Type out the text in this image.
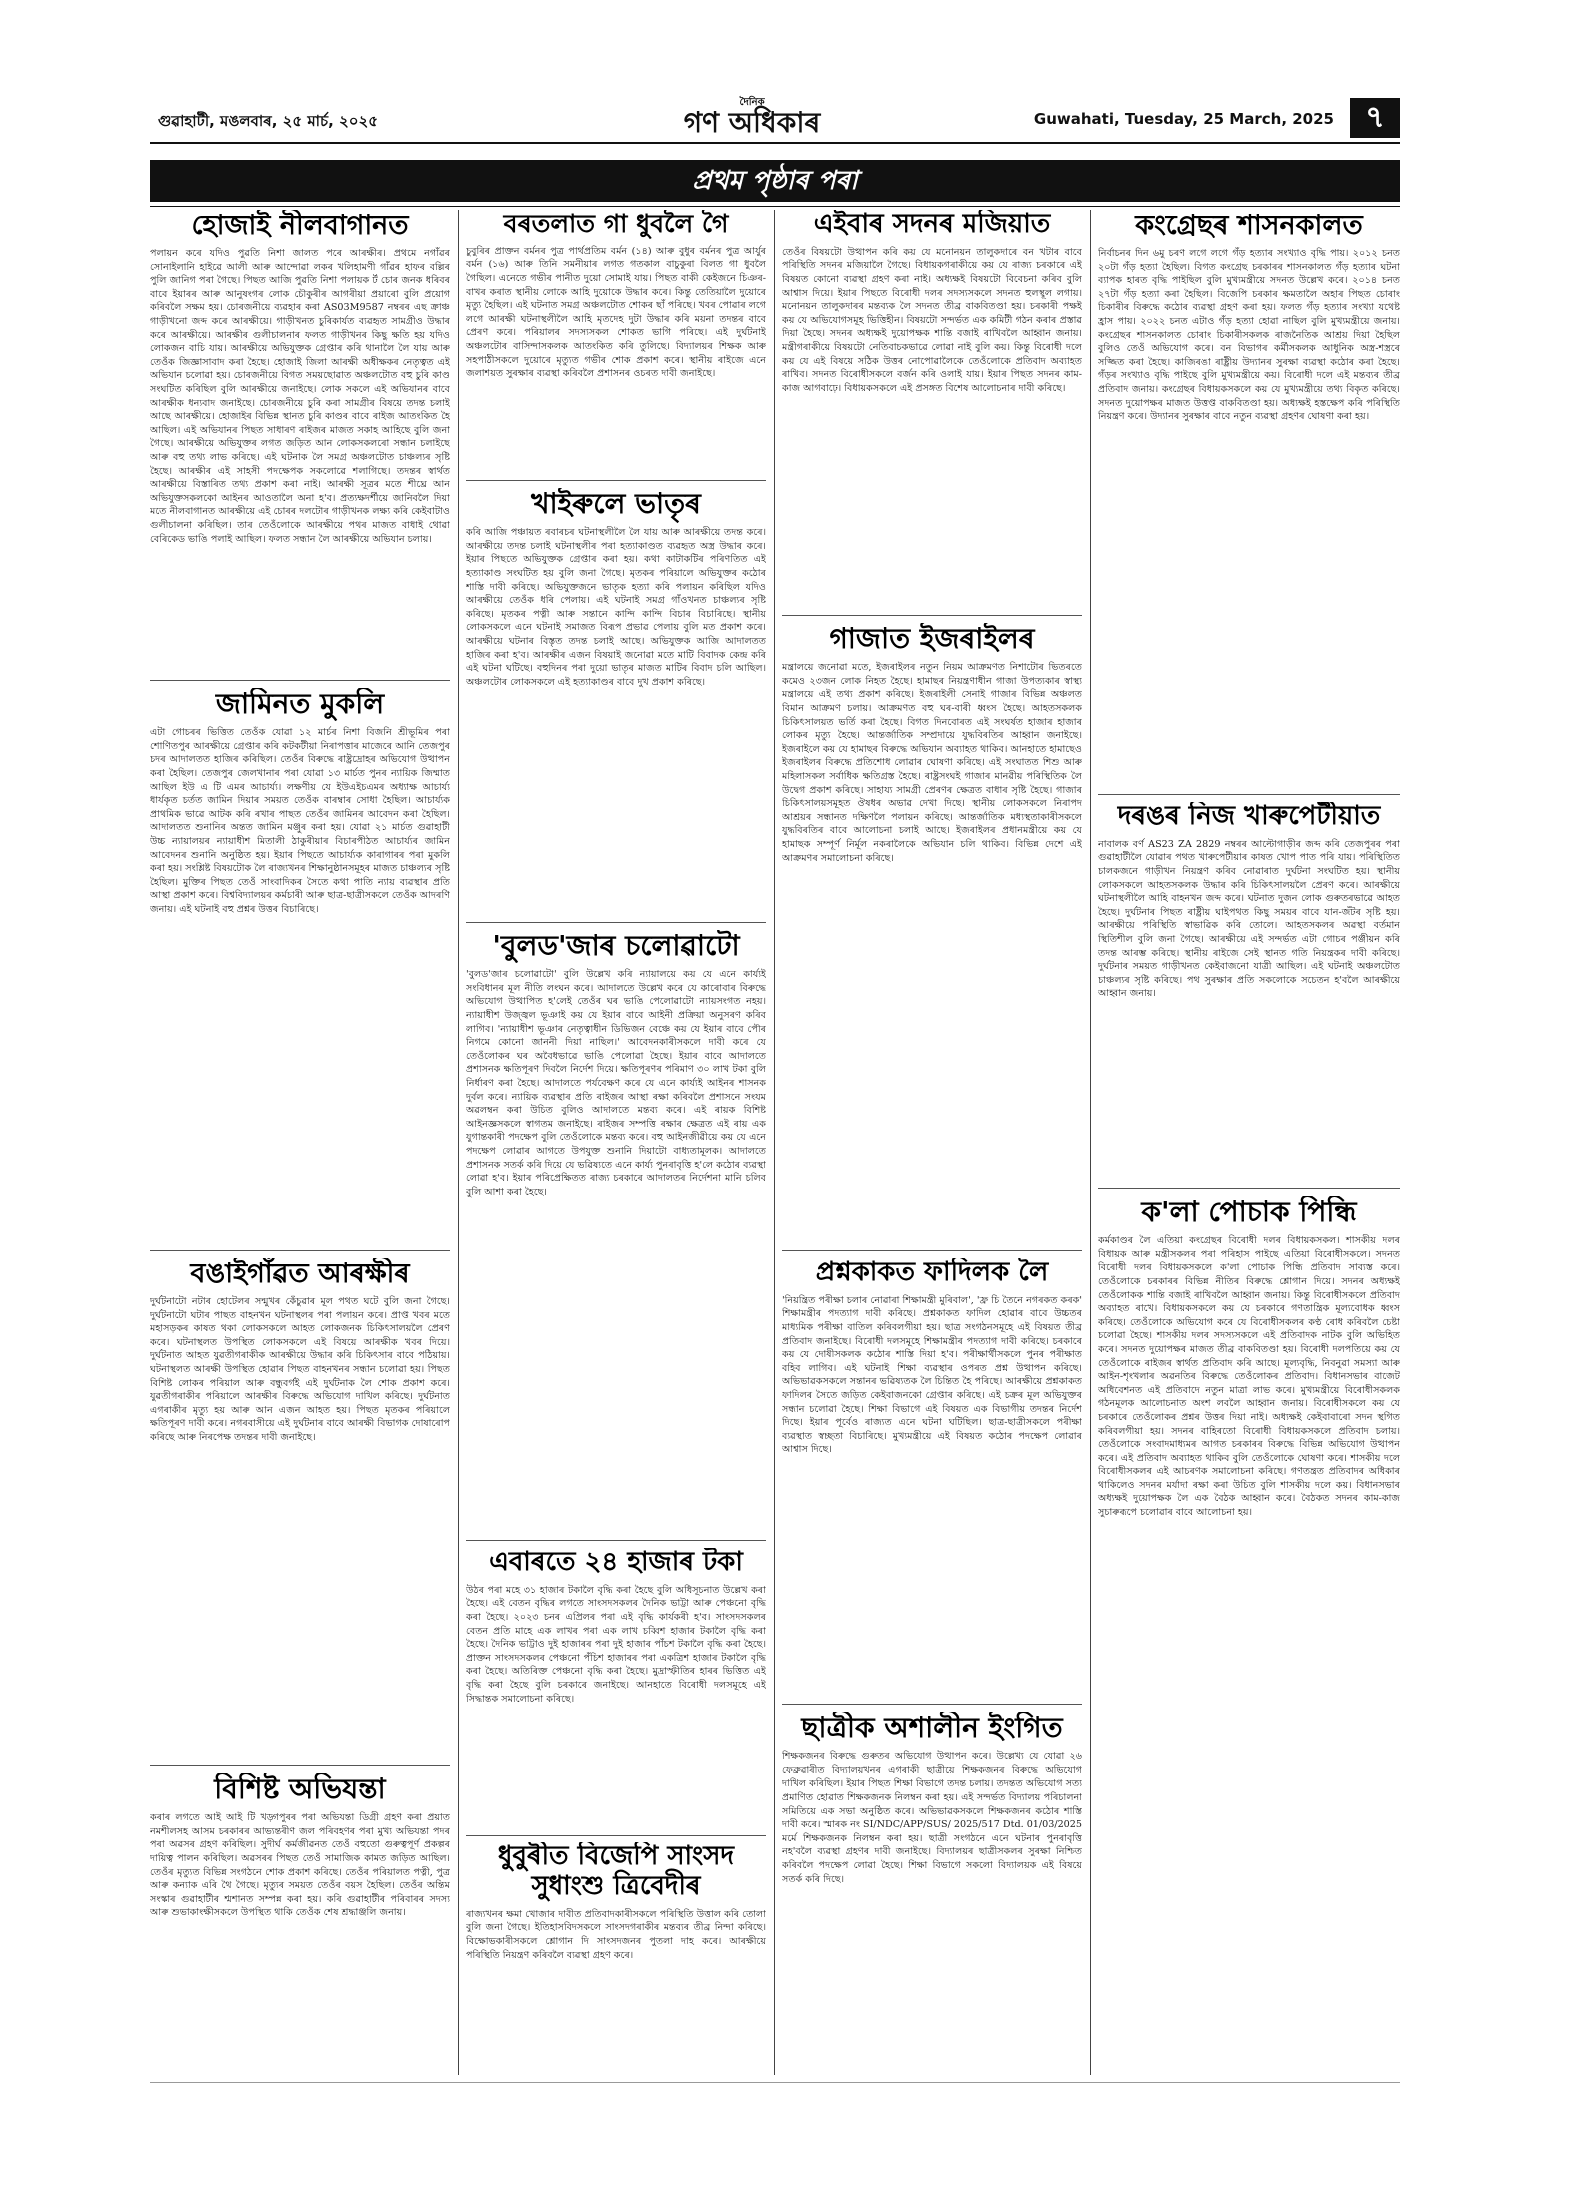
গুৱাহাটী, মঙলবাৰ, ২৫ মাৰ্চ, ২০২৫
দৈনিক
গণ অধিকাৰ	Guwahati, Tuesday, 25 March, 2025	৭
প্ৰথম পৃষ্ঠাৰ পৰা
হোজাই নীলবাগানত
পলায়ন কৰে যদিও পুৱতি নিশা জালত পৰে আৰক্ষীৰ। প্ৰথমে নগাঁৱৰ সোনাইলানি হাইৱে আলী আৰু আন্দোৱা লকৰ খলিহামণী গাঁৱৰ হাফৰ বল্লিৰ পুলি জানিগ পৰা গৈছে। পিছত আজি পুৱতি নিশা পলায়ক ৰ্ট চোৰ জনক ধৰিবৰ বাবে ইয়াৰৰ আৰু আনুষংগৰ লোক চৌকুৰীৰ আগৰীয়া প্ৰয়াৰো বুলি প্ৰয়োগ কৰিবলৈ সক্ষম হয়। চোৰজনীয়ে ব্যৱহাৰ কৰা AS03M9587 নম্বৰৰ এছ ক্ৰাঞ্চ গাড়ীখনো জব্দ কৰে আৰক্ষীয়ে। গাড়ীখনত চুৰিকাৰ্যত ব্যৱহৃত সামগ্ৰীও উদ্ধাৰ কৰে আৰক্ষীয়ে। আৰক্ষীৰ গুলীচালনাৰ ফলত গাড়ীখনৰ কিছু ক্ষতি হয় যদিও লোকজন বাচি যায়। আৰক্ষীয়ে অভিযুক্তক গ্ৰেপ্তাৰ কৰি থানালৈ লৈ যায় আৰু তেওঁক জিজ্ঞাসাবাদ কৰা হৈছে। হোজাই জিলা আৰক্ষী অধীক্ষকৰ নেতৃত্বত এই অভিযান চলোৱা হয়। চোৰজনীয়ে বিগত সময়ছোৱাত অঞ্চলটোত বহু চুৰি কাণ্ড সংঘটিত কৰিছিল বুলি আৰক্ষীয়ে জনাইছে। লোক সকলে এই অভিযানৰ বাবে আৰক্ষীক ধন্যবাদ জনাইছে। চোৰজনীয়ে চুৰি কৰা সামগ্ৰীৰ বিষয়ে তদন্ত চলাই আছে আৰক্ষীয়ে। হোজাইৰ বিভিন্ন স্থানত চুৰি কাণ্ডৰ বাবে ৰাইজ আতংকিত হৈ আছিল। এই অভিযানৰ পিছত সাধাৰণ ৰাইজৰ মাজত সকাহ আহিছে বুলি জনা গৈছে। আৰক্ষীয়ে অভিযুক্তৰ লগত জড়িত আন লোকসকলৰো সন্ধান চলাইছে আৰু বহু তথ্য লাভ কৰিছে। এই ঘটনাক লৈ সমগ্ৰ অঞ্চলটোত চাঞ্চল্যৰ সৃষ্টি হৈছে। আৰক্ষীৰ এই সাহসী পদক্ষেপক সকলোৱে শলাগিছে। তদন্তৰ স্বাৰ্থত আৰক্ষীয়ে বিস্তাৰিত তথ্য প্ৰকাশ কৰা নাই। আৰক্ষী সূত্ৰৰ মতে শীঘ্ৰে আন অভিযুক্তসকলকো আইনৰ আওতালৈ অনা হ'ব। প্ৰত্যক্ষদৰ্শীয়ে জানিবলৈ দিয়া মতে নীলবাগানত আৰক্ষীয়ে এই চোৰৰ দলটোৰ গাড়ীখনক লক্ষ্য কৰি কেইবাটাও গুলীচালনা কৰিছিল। তাৰ তেওঁলোকে আৰক্ষীয়ে পথৰ মাজত বাধাই থোৱা বেৰিকেড ভাঙি পলাই আছিল। ফলত সন্ধান লৈ আৰক্ষীয়ে অভিযান চলায়।
জামিনত মুকলি
এটা গোচৰৰ ভিত্তিত তেওঁক যোৱা ১২ মাৰ্চৰ নিশা বিজনি শ্ৰীভূমিৰ পৰা শোণিতপুৰ আৰক্ষীয়ে গ্ৰেপ্তাৰ কৰি কটকটীয়া নিৰাপত্তাৰ মাজেৰে আনি তেজপুৰ চদৰ আদালতত হাজিৰ কৰিছিল। তেওঁৰ বিৰুদ্ধে ৰাষ্ট্ৰদ্ৰোহৰ অভিযোগ উত্থাপন কৰা হৈছিল। তেজপুৰ জেলখানাৰ পৰা যোৱা ১৩ মাৰ্চত পুনৰ ন্যায়িক জিম্মাত আছিল ইউ এ টি এমৰ আচাৰ্য্য। লক্ষণীয় যে ইউএইচএমৰ অধ্যাক্ষ আচাৰ্য্য ধাৰ্যকৃত চৰ্তত জামিন দিয়াৰ সময়ত তেওঁক বাৰম্বাৰ সোধা হৈছিল। আচাৰ্য্যক প্ৰাথমিক ভাৱে আটক কৰি ৰখাৰ পাছত তেওঁৰ জামিনৰ আবেদন কৰা হৈছিল। আদালতত শুনানিৰ অন্তত জামিন মঞ্জুৰ কৰা হয়। যোৱা ২১ মাৰ্চত গুৱাহাটী উচ্চ ন্যায়ালয়ৰ ন্যায়াধীশ মিতালী ঠাকুৰীয়াৰ বিচাৰপীঠত আচাৰ্য্যৰ জামিন আবেদনৰ শুনানি অনুষ্ঠিত হয়। ইয়াৰ পিছতে আচাৰ্য্যক কাৰাগাৰৰ পৰা মুকলি কৰা হয়। সংশ্লিষ্ট বিষয়টোক লৈ ৰাজ্যখনৰ শিক্ষানুষ্ঠানসমূহৰ মাজত চাঞ্চল্যৰ সৃষ্টি হৈছিল। মুক্তিৰ পিছত তেওঁ সাংবাদিকৰ সৈতে কথা পাতি ন্যায় ব্যৱস্থাৰ প্ৰতি আস্থা প্ৰকাশ কৰে। বিশ্ববিদ্যালয়ৰ কৰ্মচাৰী আৰু ছাত্ৰ-ছাত্ৰীসকলে তেওঁক আদৰণি জনায়। এই ঘটনাই বহু প্ৰশ্নৰ উত্তৰ বিচাৰিছে।
বঙাইগাঁৱত আৰক্ষীৰ
দুৰ্ঘটনাটো নটাৰ হোটেলৰ সন্মুখৰ কেঁচুৱাৰ মূল পথত ঘটে বুলি জনা গৈছে। দুৰ্ঘটনাটো ঘটাৰ পাছত বাহনখন ঘটনাস্থলৰ পৰা পলায়ন কৰে। প্ৰাপ্ত খবৰ মতে মহাসড়কৰ কাষত থকা লোকসকলে আহত লোকজনক চিকিৎসালয়লৈ প্ৰেৰণ কৰে। ঘটনাস্থলত উপস্থিত লোকসকলে এই বিষয়ে আৰক্ষীক খবৰ দিয়ে। দুৰ্ঘটনাত আহত যুৱতীগৰাকীক আৰক্ষীয়ে উদ্ধাৰ কৰি চিকিৎসাৰ বাবে পঠিয়ায়। ঘটনাস্থলত আৰক্ষী উপস্থিত হোৱাৰ পিছত বাহনখনৰ সন্ধান চলোৱা হয়। পিছত বিশিষ্ট লোকৰ পৰিয়াল আৰু বন্ধুবৰ্গই এই দুৰ্ঘটনাক লৈ শোক প্ৰকাশ কৰে। যুৱতীগৰাকীৰ পৰিয়ালে আৰক্ষীৰ বিৰুদ্ধে অভিযোগ দাখিল কৰিছে। দুৰ্ঘটনাত এগৰাকীৰ মৃত্যু হয় আৰু আন এজন আহত হয়। পিছত মৃতকৰ পৰিয়ালে ক্ষতিপূৰণ দাবী কৰে। নগৰবাসীয়ে এই দুৰ্ঘটনাৰ বাবে আৰক্ষী বিভাগক দোষাৰোপ কৰিছে আৰু নিৰপেক্ষ তদন্তৰ দাবী জনাইছে।
বিশিষ্ট অভিযন্তা
কৰাৰ লগতে আই আই টি খড়্গপুৰৰ পৰা অভিযন্তা ডিগ্ৰী গ্ৰহণ কৰা প্ৰয়াত নমশীলসহ আসম চৰকাৰৰ আভ্যন্তৰীণ জল পৰিবহণৰ পৰা মুখ্য অভিযন্তা পদৰ পৰা অৱসৰ গ্ৰহণ কৰিছিল। সুদীৰ্ঘ কৰ্মজীৱনত তেওঁ বহুতো গুৰুত্বপূৰ্ণ প্ৰকল্পৰ দায়িত্ব পালন কৰিছিল। অৱসৰৰ পিছত তেওঁ সামাজিক কামত জড়িত আছিল। তেওঁৰ মৃত্যুত বিভিন্ন সংগঠনে শোক প্ৰকাশ কৰিছে। তেওঁৰ পৰিয়ালত পত্নী, পুত্ৰ আৰু কন্যাক এৰি থৈ গৈছে। মৃত্যুৰ সময়ত তেওঁৰ বয়স হৈছিল। তেওঁৰ অন্তিম সংস্কাৰ গুৱাহাটীৰ শ্মশানত সম্পন্ন কৰা হয়। কৰি গুৱাহাটীৰ পৰিবাৰৰ সদস্য আৰু শুভাকাংক্ষীসকলে উপস্থিত থাকি তেওঁক শেষ শ্ৰদ্ধাঞ্জলি জনায়।
বৰতলাত গা ধুবলৈ গৈ
চুবুৰিৰ প্ৰাক্তন বৰ্মনৰ পুত্ৰ পাৰ্থপ্ৰতিম বৰ্মন (১৪) আৰু বুধুৰ বৰ্মনৰ পুত্ৰ আৰ্যুৰ বৰ্মন (১৬) আৰু তিনি সমনীয়াৰ লগত গতকাল বাচুকুৰা বিলত গা ধুবলৈ গৈছিল। এনেতে গভীৰ পানীত দুয়ো সোমাই যায়। পিছত বাকী কেইজনে চিঞৰ-বাখৰ কৰাত স্থানীয় লোকে আহি দুয়োকে উদ্ধাৰ কৰে। কিন্তু তেতিয়ালৈ দুয়োৰে মৃত্যু হৈছিল। এই ঘটনাত সমগ্ৰ অঞ্চলটোত শোকৰ ছাঁ পৰিছে। খবৰ পোৱাৰ লগে লগে আৰক্ষী ঘটনাস্থলীলৈ আহি মৃতদেহ দুটা উদ্ধাৰ কৰি ময়না তদন্তৰ বাবে প্ৰেৰণ কৰে। পৰিয়ালৰ সদস্যসকল শোকত ভাগি পৰিছে। এই দুৰ্ঘটনাই অঞ্চলটোৰ বাসিন্দাসকলক আতংকিত কৰি তুলিছে। বিদ্যালয়ৰ শিক্ষক আৰু সহপাঠীসকলে দুয়োৰে মৃত্যুত গভীৰ শোক প্ৰকাশ কৰে। স্থানীয় ৰাইজে এনে জলাশয়ত সুৰক্ষাৰ ব্যৱস্থা কৰিবলৈ প্ৰশাসনৰ ওচৰত দাবী জনাইছে।
খাইৰুলে ভাতৃৰ
কৰি আজি পঞ্চায়ত ৰবাৰচৰ ঘটনাস্থলীলৈ লৈ যায় আৰু আৰক্ষীয়ে তদন্ত কৰে। আৰক্ষীয়ে তদন্ত চলাই ঘটনাস্থলীৰ পৰা হত্যাকাণ্ডত ব্যৱহৃত অস্ত্ৰ উদ্ধাৰ কৰে। ইয়াৰ পিছতে অভিযুক্তক গ্ৰেপ্তাৰ কৰা হয়। কথা কাটাকটিৰ পৰিণতিত এই হত্যাকাণ্ড সংঘটিত হয় বুলি জনা গৈছে। মৃতকৰ পৰিয়ালে অভিযুক্তৰ কঠোৰ শাস্তি দাবী কৰিছে। অভিযুক্তজনে ভাতৃক হত্যা কৰি পলায়ন কৰিছিল যদিও আৰক্ষীয়ে তেওঁক ধৰি পেলায়। এই ঘটনাই সমগ্ৰ গাঁওখনত চাঞ্চল্যৰ সৃষ্টি কৰিছে। মৃতকৰ পত্নী আৰু সন্তানে কান্দি কান্দি বিচাৰ বিচাৰিছে। স্থানীয় লোকসকলে এনে ঘটনাই সমাজত বিৰূপ প্ৰভাৱ পেলায় বুলি মত প্ৰকাশ কৰে। আৰক্ষীয়ে ঘটনাৰ বিস্তৃত তদন্ত চলাই আছে। অভিযুক্তক আজি আদালতত হাজিৰ কৰা হ'ব। আৰক্ষীৰ এজন বিষয়াই জনোৱা মতে মাটি বিবাদক কেন্দ্ৰ কৰি এই ঘটনা ঘটিছে। বহুদিনৰ পৰা দুয়ো ভাতৃৰ মাজত মাটিৰ বিবাদ চলি আছিল। অঞ্চলটোৰ লোকসকলে এই হত্যাকাণ্ডৰ বাবে দুখ প্ৰকাশ কৰিছে।
'বুলড'জাৰ চলোৱাটো
'বুলড'জাৰ চলোৱাটো' বুলি উল্লেখ কৰি ন্যায়ালয়ে কয় যে এনে কাৰ্য্যই সংবিধানৰ মূল নীতি লংঘন কৰে। আদালতে উল্লেখ কৰে যে কাৰোবাৰ বিৰুদ্ধে অভিযোগ উত্থাপিত হ'লেই তেওঁৰ ঘৰ ভাঙি পেলোৱাটো ন্যায়সংগত নহয়। ন্যায়াধীশ উজ্জ্বল ভূঞাই কয় যে ইয়াৰ বাবে আইনী প্ৰক্ৰিয়া অনুসৰণ কৰিব লাগিব। 'ন্যায়াধীশ ভূঞাৰ নেতৃত্বাধীন ডিভিজন বেঞ্চে কয় যে ইয়াৰ বাবে পৌৰ নিগমে কোনো জাননী দিয়া নাছিল।' আবেদনকাৰীসকলে দাবী কৰে যে তেওঁলোকৰ ঘৰ অবৈধভাৱে ভাঙি পেলোৱা হৈছে। ইয়াৰ বাবে আদালতে প্ৰশাসনক ক্ষতিপূৰণ দিবলৈ নিৰ্দেশ দিয়ে। ক্ষতিপূৰণৰ পৰিমাণ ৩০ লাখ টকা বুলি নিৰ্ধাৰণ কৰা হৈছে। আদালতে পৰ্যবেক্ষণ কৰে যে এনে কাৰ্য্যই আইনৰ শাসনক দুৰ্বল কৰে। ন্যায়িক ব্যৱস্থাৰ প্ৰতি ৰাইজৰ আস্থা ৰক্ষা কৰিবলৈ প্ৰশাসনে সংযম অৱলম্বন কৰা উচিত বুলিও আদালতে মন্তব্য কৰে। এই ৰায়ক বিশিষ্ট আইনজ্ঞসকলে স্বাগতম জনাইছে। ৰাইজৰ সম্পত্তি ৰক্ষাৰ ক্ষেত্ৰত এই ৰায় এক যুগান্তকাৰী পদক্ষেপ বুলি তেওঁলোকে মন্তব্য কৰে। বহু আইনজীৱীয়ে কয় যে এনে পদক্ষেপ লোৱাৰ আগতে উপযুক্ত শুনানি দিয়াটো বাধ্যতামূলক। আদালতে প্ৰশাসনক সতৰ্ক কৰি দিয়ে যে ভৱিষ্যতে এনে কাৰ্য্য পুনৰাবৃত্তি হ'লে কঠোৰ ব্যৱস্থা লোৱা হ'ব। ইয়াৰ পৰিপ্ৰেক্ষিতত ৰাজ্য চৰকাৰে আদালতৰ নিৰ্দেশনা মানি চলিব বুলি আশা কৰা হৈছে।
এবাৰতে ২৪ হাজাৰ টকা
উঠৰ পৰা মহে ৩১ হাজাৰ টকালৈ বৃদ্ধি কৰা হৈছে বুলি অধিসূচনাত উল্লেখ কৰা হৈছে। এই বেতন বৃদ্ধিৰ লগতে সাংসদসকলৰ দৈনিক ভাট্টা আৰু পেঞ্চনো বৃদ্ধি কৰা হৈছে। ২০২৩ চনৰ এপ্ৰিলৰ পৰা এই বৃদ্ধি কাৰ্যকৰী হ'ব। সাংসদসকলৰ বেতন প্ৰতি মাহে এক লাখৰ পৰা এক লাখ চব্বিশ হাজাৰ টকালৈ বৃদ্ধি কৰা হৈছে। দৈনিক ভাট্টাও দুই হাজাৰৰ পৰা দুই হাজাৰ পাঁচশ টকালৈ বৃদ্ধি কৰা হৈছে। প্ৰাক্তন সাংসদসকলৰ পেঞ্চনো পঁচিশ হাজাৰৰ পৰা একত্ৰিশ হাজাৰ টকালৈ বৃদ্ধি কৰা হৈছে। অতিৰিক্ত পেঞ্চনো বৃদ্ধি কৰা হৈছে। মুদ্ৰাস্ফীতিৰ হাৰৰ ভিত্তিত এই বৃদ্ধি কৰা হৈছে বুলি চৰকাৰে জনাইছে। আনহাতে বিৰোধী দলসমূহে এই সিদ্ধান্তক সমালোচনা কৰিছে।
ধুবুৰীত বিজেপি সাংসদ সুধাংশু ত্ৰিবেদীৰ
ৰাজ্যখনৰ ক্ষমা খোজাৰ দাবীত প্ৰতিবাদকাৰীসকলে পৰিস্থিতি উত্তাল কৰি তোলা বুলি জনা গৈছে। ইতিহাসবিদসকলে সাংসদগৰাকীৰ মন্তব্যৰ তীব্ৰ নিন্দা কৰিছে। বিক্ষোভকাৰীসকলে শ্লোগান দি সাংসদজনৰ পুতলা দাহ কৰে। আৰক্ষীয়ে পৰিস্থিতি নিয়ন্ত্ৰণ কৰিবলৈ ব্যৱস্থা গ্ৰহণ কৰে।
এইবাৰ সদনৰ মজিয়াত
তেওঁৰ বিষয়টো উত্থাপন কৰি কয় যে মনোনয়ন তালুকদাৰে বন খটাৰ বাবে পৰিস্থিতি সদনৰ মজিয়ালৈ গৈছে। বিধায়কগৰাকীয়ে কয় যে ৰাজ্য চৰকাৰে এই বিষয়ত কোনো ব্যৱস্থা গ্ৰহণ কৰা নাই। অধ্যক্ষই বিষয়টো বিবেচনা কৰিব বুলি আশ্বাস দিয়ে। ইয়াৰ পিছতে বিৰোধী দলৰ সদস্যসকলে সদনত হুলস্থূল লগায়। মনোনয়ন তালুকদাৰৰ মন্তব্যক লৈ সদনত তীব্ৰ বাকবিতণ্ডা হয়। চৰকাৰী পক্ষই কয় যে অভিযোগসমূহ ভিত্তিহীন। বিষয়টো সন্দৰ্ভত এক কমিটী গঠন কৰাৰ প্ৰস্তাৱ দিয়া হৈছে। সদনৰ অধ্যক্ষই দুয়োপক্ষক শান্তি বজাই ৰাখিবলৈ আহ্বান জনায়। মন্ত্ৰীগৰাকীয়ে বিষয়টো নেতিবাচকভাৱে লোৱা নাই বুলি কয়। কিন্তু বিৰোধী দলে কয় যে এই বিষয়ে সঠিক উত্তৰ নোপোৱালৈকে তেওঁলোকে প্ৰতিবাদ অব্যাহত ৰাখিব। সদনত বিৰোধীসকলে বৰ্জন কৰি ওলাই যায়। ইয়াৰ পিছত সদনৰ কাম-কাজ আগবাঢ়ে। বিধায়কসকলে এই প্ৰসঙ্গত বিশেষ আলোচনাৰ দাবী কৰিছে।
গাজাত ইজৰাইলৰ
মন্ত্ৰালয়ে জনোৱা মতে, ইজৰাইলৰ নতুন নিয়ম আক্ৰমণত নিশাটোৰ ভিতৰতে কমেও ২৩জন লোক নিহত হৈছে। হামাছৰ নিয়ন্ত্ৰণাধীন গাজা উপত্যকাৰ স্বাস্থ্য মন্ত্ৰালয়ে এই তথ্য প্ৰকাশ কৰিছে। ইজৰাইলী সেনাই গাজাৰ বিভিন্ন অঞ্চলত বিমান আক্ৰমণ চলায়। আক্ৰমণত বহু ঘৰ-বাৰী ধ্বংস হৈছে। আহতসকলক চিকিৎসালয়ত ভৰ্তি কৰা হৈছে। বিগত দিনবোৰত এই সংঘৰ্ষত হাজাৰ হাজাৰ লোকৰ মৃত্যু হৈছে। আন্তৰ্জাতিক সম্প্ৰদায়ে যুদ্ধবিৰতিৰ আহ্বান জনাইছে। ইজৰাইলে কয় যে হামাছৰ বিৰুদ্ধে অভিযান অব্যাহত থাকিব। আনহাতে হামাছেও ইজৰাইলৰ বিৰুদ্ধে প্ৰতিশোধ লোৱাৰ ঘোষণা কৰিছে। এই সংঘাতত শিশু আৰু মহিলাসকল সৰ্বাধিক ক্ষতিগ্ৰস্ত হৈছে। ৰাষ্ট্ৰসংঘই গাজাৰ মানৱীয় পৰিস্থিতিক লৈ উদ্বেগ প্ৰকাশ কৰিছে। সাহায্য সামগ্ৰী প্ৰেৰণৰ ক্ষেত্ৰত বাধাৰ সৃষ্টি হৈছে। গাজাৰ চিকিৎসালয়সমূহত ঔষধৰ অভাৱ দেখা দিছে। স্থানীয় লোকসকলে নিৰাপদ আশ্ৰয়ৰ সন্ধানত দক্ষিণলৈ পলায়ন কৰিছে। আন্তৰ্জাতিক মধ্যস্থতাকাৰীসকলে যুদ্ধবিৰতিৰ বাবে আলোচনা চলাই আছে। ইজৰাইলৰ প্ৰধানমন্ত্ৰীয়ে কয় যে হামাছক সম্পূৰ্ণ নিৰ্মূল নকৰালৈকে অভিযান চলি থাকিব। বিভিন্ন দেশে এই আক্ৰমণৰ সমালোচনা কৰিছে।
প্ৰশ্নকাকত ফাদিলক লৈ
'নিয়ন্ত্ৰিত পৰীক্ষা চলাৰ নোৱাৰা শিক্ষামন্ত্ৰী মুৰিবাল', 'ফ্ৰ চি তৈনে নগৰকত কৰক' শিক্ষামন্ত্ৰীৰ পদত্যাগ দাবী কৰিছে। প্ৰশ্নকাকত ফাদিল হোৱাৰ বাবে উচ্চতৰ মাধ্যমিক পৰীক্ষা বাতিল কৰিবলগীয়া হয়। ছাত্ৰ সংগঠনসমূহে এই বিষয়ত তীব্ৰ প্ৰতিবাদ জনাইছে। বিৰোধী দলসমূহে শিক্ষামন্ত্ৰীৰ পদত্যাগ দাবী কৰিছে। চৰকাৰে কয় যে দোষীসকলক কঠোৰ শাস্তি দিয়া হ'ব। পৰীক্ষাৰ্থীসকলে পুনৰ পৰীক্ষাত বহিব লাগিব। এই ঘটনাই শিক্ষা ব্যৱস্থাৰ ওপৰত প্ৰশ্ন উত্থাপন কৰিছে। অভিভাৱকসকলে সন্তানৰ ভৱিষ্যতক লৈ চিন্তিত হৈ পৰিছে। আৰক্ষীয়ে প্ৰশ্নকাকত ফাদিলৰ সৈতে জড়িত কেইবাজনকো গ্ৰেপ্তাৰ কৰিছে। এই চক্ৰৰ মূল অভিযুক্তৰ সন্ধান চলোৱা হৈছে। শিক্ষা বিভাগে এই বিষয়ত এক বিভাগীয় তদন্তৰ নিৰ্দেশ দিছে। ইয়াৰ পূৰ্বেও ৰাজ্যত এনে ঘটনা ঘটিছিল। ছাত্ৰ-ছাত্ৰীসকলে পৰীক্ষা ব্যৱস্থাত স্বচ্ছতা বিচাৰিছে। মুখ্যমন্ত্ৰীয়ে এই বিষয়ত কঠোৰ পদক্ষেপ লোৱাৰ আশ্বাস দিছে।
ছাত্ৰীক অশালীন ইংগিত
শিক্ষকজনৰ বিৰুদ্ধে গুৰুতৰ অভিযোগ উত্থাপন কৰে। উল্লেখ্য যে যোৱা ২৬ ফেব্ৰুৱাৰীত বিদ্যালয়খনৰ এগৰাকী ছাত্ৰীয়ে শিক্ষকজনৰ বিৰুদ্ধে অভিযোগ দাখিল কৰিছিল। ইয়াৰ পিছত শিক্ষা বিভাগে তদন্ত চলায়। তদন্তত অভিযোগ সত্য প্ৰমাণিত হোৱাত শিক্ষকজনক নিলম্বন কৰা হয়। এই সন্দৰ্ভত বিদ্যালয় পৰিচালনা সমিতিয়ে এক সভা অনুষ্ঠিত কৰে। অভিভাৱকসকলে শিক্ষকজনৰ কঠোৰ শাস্তি দাবী কৰে। স্মাৰক নং SI/NDC/APP/SUS/ 2025/517 Dtd. 01/03/2025 মৰ্মে শিক্ষকজনক নিলম্বন কৰা হয়। ছাত্ৰী সংগঠনে এনে ঘটনাৰ পুনৰাবৃত্তি নহ'বলৈ ব্যৱস্থা গ্ৰহণৰ দাবী জনাইছে। বিদ্যালয়ৰ ছাত্ৰীসকলৰ সুৰক্ষা নিশ্চিত কৰিবলৈ পদক্ষেপ লোৱা হৈছে। শিক্ষা বিভাগে সকলো বিদ্যালয়ক এই বিষয়ে সতৰ্ক কৰি দিছে।
কংগ্ৰেছৰ শাসনকালত
নিৰ্বাচনৰ দিন ৬মু চৰণ লগে লগে গঁড় হত্যাৰ সংখ্যাও বৃদ্ধি পায়। ২০১২ চনত ২০টা গঁড় হত্যা হৈছিল। বিগত কংগ্ৰেছ চৰকাৰৰ শাসনকালত গঁড় হত্যাৰ ঘটনা ব্যাপক হাৰত বৃদ্ধি পাইছিল বুলি মুখ্যমন্ত্ৰীয়ে সদনত উল্লেখ কৰে। ২০১৪ চনত ২৭টা গঁড় হত্যা কৰা হৈছিল। বিজেপি চৰকাৰ ক্ষমতালৈ অহাৰ পিছত চোৰাং চিকাৰীৰ বিৰুদ্ধে কঠোৰ ব্যৱস্থা গ্ৰহণ কৰা হয়। ফলত গঁড় হত্যাৰ সংখ্যা যথেষ্ট হ্ৰাস পায়। ২০২২ চনত এটাও গঁড় হত্যা হোৱা নাছিল বুলি মুখ্যমন্ত্ৰীয়ে জনায়। কংগ্ৰেছৰ শাসনকালত চোৰাং চিকাৰীসকলক ৰাজনৈতিক আশ্ৰয় দিয়া হৈছিল বুলিও তেওঁ অভিযোগ কৰে। বন বিভাগৰ কৰ্মীসকলক আধুনিক অস্ত্ৰ-শস্ত্ৰৰে সজ্জিত কৰা হৈছে। কাজিৰঙা ৰাষ্ট্ৰীয় উদ্যানৰ সুৰক্ষা ব্যৱস্থা কঠোৰ কৰা হৈছে। গঁড়ৰ সংখ্যাও বৃদ্ধি পাইছে বুলি মুখ্যমন্ত্ৰীয়ে কয়। বিৰোধী দলে এই মন্তব্যৰ তীব্ৰ প্ৰতিবাদ জনায়। কংগ্ৰেছৰ বিধায়কসকলে কয় যে মুখ্যমন্ত্ৰীয়ে তথ্য বিকৃত কৰিছে। সদনত দুয়োপক্ষৰ মাজত উত্তপ্ত বাকবিতণ্ডা হয়। অধ্যক্ষই হস্তক্ষেপ কৰি পৰিস্থিতি নিয়ন্ত্ৰণ কৰে। উদ্যানৰ সুৰক্ষাৰ বাবে নতুন ব্যৱস্থা গ্ৰহণৰ ঘোষণা কৰা হয়।
দৰঙৰ নিজ খাৰুপেটীয়াত
নাবালক বৰ্ণ AS23 ZA 2829 নম্বৰৰ আল্টোগাড়ীৰ জব্দ কৰি তেজপুৰৰ পৰা গুৱাহাটীলৈ যোৱাৰ পথত খাৰুপেটীয়াৰ কাষত খোপ পাত পৰি যায়। পৰিস্থিতিত চালকজনে গাড়ীখন নিয়ন্ত্ৰণ কৰিব নোৱাৰাত দুৰ্ঘটনা সংঘটিত হয়। স্থানীয় লোকসকলে আহতসকলক উদ্ধাৰ কৰি চিকিৎসালয়লৈ প্ৰেৰণ কৰে। আৰক্ষীয়ে ঘটনাস্থলীলৈ আহি বাহনখন জব্দ কৰে। ঘটনাত দুজন লোক গুৰুতৰভাৱে আহত হৈছে। দুৰ্ঘটনাৰ পিছত ৰাষ্ট্ৰীয় ঘাইপথত কিছু সময়ৰ বাবে যান-জঁটৰ সৃষ্টি হয়। আৰক্ষীয়ে পৰিস্থিতি স্বাভাৱিক কৰি তোলে। আহতসকলৰ অৱস্থা বৰ্তমান স্থিতিশীল বুলি জনা গৈছে। আৰক্ষীয়ে এই সন্দৰ্ভত এটা গোচৰ পঞ্জীয়ন কৰি তদন্ত আৰম্ভ কৰিছে। স্থানীয় ৰাইজে সেই স্থানত গতি নিয়ন্ত্ৰকৰ দাবী কৰিছে। দুৰ্ঘটনাৰ সময়ত গাড়ীখনত কেইবাজনো যাত্ৰী আছিল। এই ঘটনাই অঞ্চলটোত চাঞ্চল্যৰ সৃষ্টি কৰিছে। পথ সুৰক্ষাৰ প্ৰতি সকলোকে সচেতন হ'বলৈ আৰক্ষীয়ে আহ্বান জনায়।
ক'লা পোচাক পিন্ধি
কৰ্মকাণ্ডৰ লৈ এতিয়া কংগ্ৰেছৰ বিৰোধী দলৰ বিধায়কসকল। শাসকীয় দলৰ বিধায়ক আৰু মন্ত্ৰীসকলৰ পৰা পৰিহাস পাইছে এতিয়া বিৰোধীসকলে। সদনত বিৰোধী দলৰ বিধায়কসকলে ক'লা পোচাক পিন্ধি প্ৰতিবাদ সাব্যস্ত কৰে। তেওঁলোকে চৰকাৰৰ বিভিন্ন নীতিৰ বিৰুদ্ধে শ্লোগান দিয়ে। সদনৰ অধ্যক্ষই তেওঁলোকক শান্তি বজাই ৰাখিবলৈ আহ্বান জনায়। কিন্তু বিৰোধীসকলে প্ৰতিবাদ অব্যাহত ৰাখে। বিধায়কসকলে কয় যে চৰকাৰে গণতান্ত্ৰিক মূল্যবোধক ধ্বংস কৰিছে। তেওঁলোকে অভিযোগ কৰে যে বিৰোধীসকলৰ কণ্ঠ ৰোধ কৰিবলৈ চেষ্টা চলোৱা হৈছে। শাসকীয় দলৰ সদস্যসকলে এই প্ৰতিবাদক নাটক বুলি অভিহিত কৰে। সদনত দুয়োপক্ষৰ মাজত তীব্ৰ বাকবিতণ্ডা হয়। বিৰোধী দলপতিয়ে কয় যে তেওঁলোকে ৰাইজৰ স্বাৰ্থত প্ৰতিবাদ কৰি আছে। মূল্যবৃদ্ধি, নিবনুৱা সমস্যা আৰু আইন-শৃংখলাৰ অৱনতিৰ বিৰুদ্ধে তেওঁলোকৰ প্ৰতিবাদ। বিধানসভাৰ বাজেট অধিবেশনত এই প্ৰতিবাদে নতুন মাত্ৰা লাভ কৰে। মুখ্যমন্ত্ৰীয়ে বিৰোধীসকলক গঠনমূলক আলোচনাত অংশ লবলৈ আহ্বান জনায়। বিৰোধীসকলে কয় যে চৰকাৰে তেওঁলোকৰ প্ৰশ্নৰ উত্তৰ দিয়া নাই। অধ্যক্ষই কেইবাবাৰো সদন স্থগিত কৰিবলগীয়া হয়। সদনৰ বাহিৰতো বিৰোধী বিধায়কসকলে প্ৰতিবাদ চলায়। তেওঁলোকে সংবাদমাধ্যমৰ আগত চৰকাৰৰ বিৰুদ্ধে বিভিন্ন অভিযোগ উত্থাপন কৰে। এই প্ৰতিবাদ অব্যাহত থাকিব বুলি তেওঁলোকে ঘোষণা কৰে। শাসকীয় দলে বিৰোধীসকলৰ এই আচৰণক সমালোচনা কৰিছে। গণতন্ত্ৰত প্ৰতিবাদৰ অধিকাৰ থাকিলেও সদনৰ মৰ্যাদা ৰক্ষা কৰা উচিত বুলি শাসকীয় দলে কয়। বিধানসভাৰ অধ্যক্ষই দুয়োপক্ষক লৈ এক বৈঠক আহ্বান কৰে। বৈঠকত সদনৰ কাম-কাজ সুচাৰুৰূপে চলোৱাৰ বাবে আলোচনা হয়।
